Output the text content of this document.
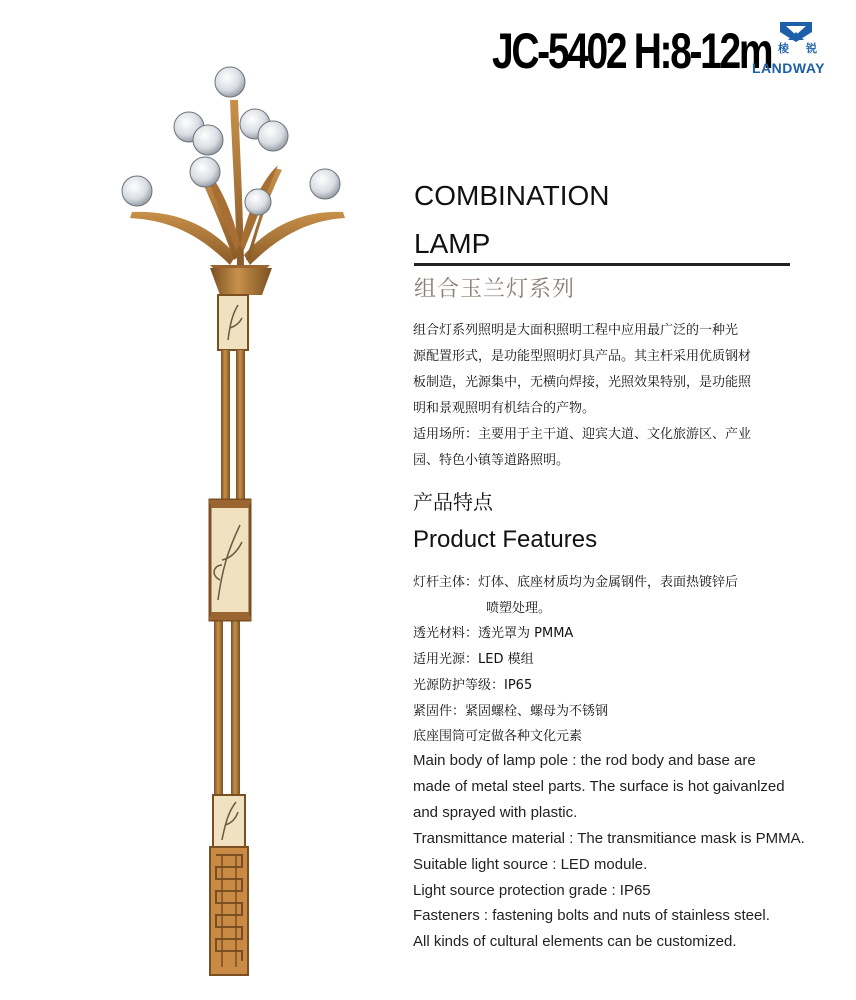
JC-5402 H:8-12m 棱 锐
LANDWAY
COMBINATION
LAMP
组合玉兰灯系列

组合灯系列照明是大面积照明工程中应用最广泛的一种光

源配置形式，是功能型照明灯具产品。其主杆采用优质钢材

板制造，光源集中，无横向焊接，光照效果特别，是功能照

明和景观照明有机结合的产物。

适用场所：主要用于主干道、迎宾大道、文化旅游区、产业

园、特色小镇等道路照明。

产品特点
Product Features
灯杆主体：灯体、底座材质均为金属钢件，表面热镀锌后
喷塑处理。
透光材料：透光罩为 PMMA
适用光源：LED 模组
光源防护等级：IP65
紧固件：紧固螺栓、螺母为不锈钢
底座围筒可定做各种文化元素
Main body of lamp pole : the rod body and base are
made of metal steel parts. The surface is hot gaivanlzed
and sprayed with plastic.
Transmittance material : The transmitiance mask is PMMA.
Suitable light source : LED module.
Light source protection grade : IP65
Fasteners : fastening bolts and nuts of stainless steel.
All kinds of cultural elements can be customized.
